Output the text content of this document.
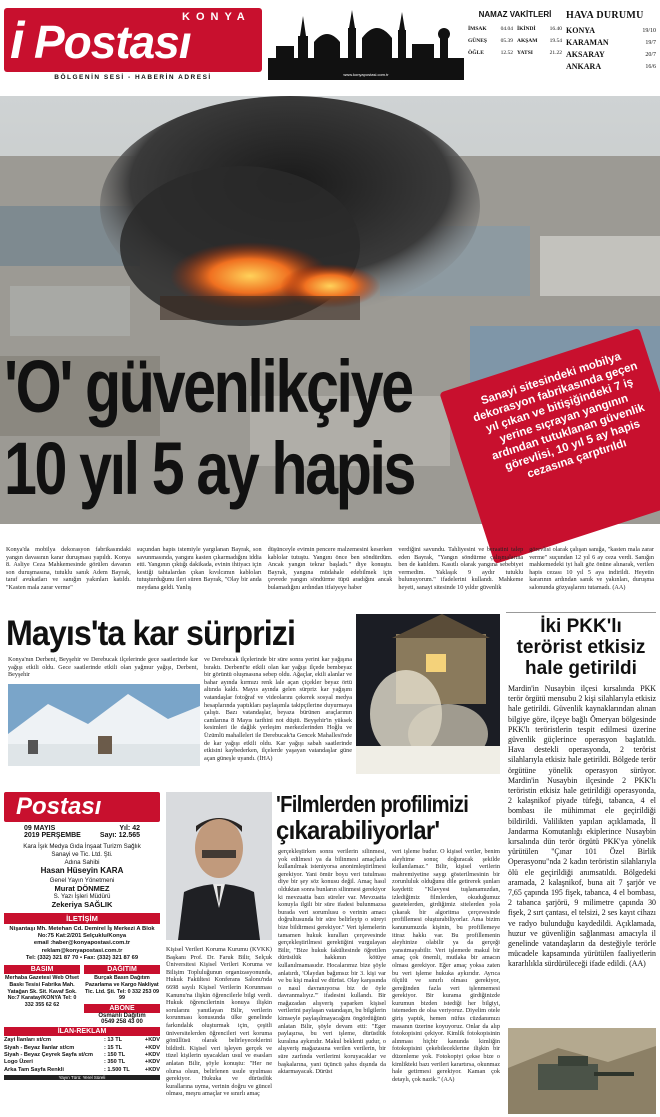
KONYA
i Postası
BÖLGENİN SESİ - HABERİN ADRESİ	www.konyapostasi.com.tr
NAMAZ VAKİTLERİ
İMSAK	04.04 İKİNDİ	16.40
GÜNEŞ 05.39 AKŞAM 19.54
ÖĞLE	12.52 YATSI	21.22
HAVA DURUMU
KONYA	19/10
KARAMAN	19/7
AKSARAY	20/7
ANKARA	16/6
'O' güvenlikçiye
10 yıl 5 ay hapis
Sanayi sitesindeki mobilya dekorasyon fabrikasında geçen yıl çıkan ve bitişiğindeki 7 iş yerine sıçrayan yangının ardından tutuklanan güvenlik görevlisi, 10 yıl 5 ay hapis cezasına çarptırıldı
Konya'da mobilya dekorasyon fabrikasındaki yangın davasının karar duruşması yapıldı. Konya 8. Asliye Ceza Mahkemesinde görülen davanın son duruşmasına, tutuklu sanık Adem Bayrak, taraf avukatları ve sanığın yakınları katıldı. "Kasten mala zarar verme"
suçundan hapis istemiyle yargılanan Bayrak, son savunmasında, yangını kasten çıkarmadığını iddia etti. Yangının çıktığı dakikada, evinin ihtiyacı için kestiği tahtalardan çıkan kıvılcımın kabloları tutuşturduğunu ileri süren Bayrak, "Olay bir anda meydana geldi. Yanlış
düşünceyle evimin pencere malzemesini keserken kablolar tutuştu. Yangını önce ben söndürdüm. Ancak yangın tekrar başladı." diye konuştu. Bayrak, yangına müdahale edebilmek için çevrede yangın söndürme tüpü aradığını ancak bulamadığını ardından itfaiyeye haber
verdiğini savundu. Tahliyesini ve beraatini talep eden Bayrak, "Yangın söndürme çalışmalarına ben de katıldım. Kasıtlı olarak yangına sebebiyet vermedim. Yaklaşık 9 aydır tutuklu bulunuyorum." ifadelerini kullandı. Mahkeme heyeti, sanayi sitesinde 10 yıldır güvenlik
görevlisi olarak çalışan sanığa, "kasten mala zarar verme" suçundan 12 yıl 6 ay ceza verdi. Sanığın mahkemedeki iyi hali göz önüne alınarak, verilen hapis cezası 10 yıl 5 aya indirildi. Heyetin kararının ardından sanık ve yakınları, duruşma salonunda gözyaşlarını tutamadı. (AA)
Mayıs'ta kar sürprizi
Konya'nın Derbent, Beyşehir ve Derebucak ilçelerinde gece saatlerinde kar yağışı etkili oldu. Gece saatlerinde etkili olan yağmur yağışı, Derbent, Beyşehir
ve Derebucak ilçelerinde bir süre sonra yerini kar yağışına bıraktı. Derbent'te etkili olan kar yağışı ilçede bembeyaz bir görüntü oluşmasına sebep oldu. Ağaçlar, ekili alanlar ve bahar ayında kırmızı renk lale açan çiçekler beyaz örtü altında kaldı. Mayıs ayında gelen sürpriz kar yağışını vatandaşlar fotoğraf ve videolarını çekerek sosyal medya hesaplarında yaptıkları paylaşımla takipçilerine duyurmaya çalıştı. Bazı vatandaşlar, beyaza bürünen araçlarının camlarına 8 Mayıs tarihini not düştü. Beyşehir'in yüksek kesimleri ile dağlık yerleşim merkezlerinden Hoğlu ve Üzümlü mahalleleri ile Derebucak'ta Gencek Mahallesi'nde de kar yağışı etkili oldu. Kar yağışı sabah saatlerinde etkisini kaybederken, ilçelerde yaşayan vatandaşlar güne açan güneşle uyandı. (İHA)
İki PKK'lı
terörist etkisiz
hale getirildi
Mardin'in Nusaybin ilçesi kırsalında PKK terör örgütü mensubu 2 kişi silahlarıyla etkisiz hale getirildi. Güvenlik kaynaklarından alınan bilgiye göre, ilçeye bağlı Ömeryan bölgesinde PKK'lı teröristlerin tespit edilmesi üzerine güvenlik güçlerince operasyon başlatıldı. Hava destekli operasyonda, 2 terörist silahlarıyla etkisiz hale getirildi. Bölgede terör örgütüne yönelik operasyon sürüyor. Mardin'in Nusaybin ilçesinde 2 PKK'lı teröristin etkisiz hale getirildiği operasyonda, 2 kalaşnikof piyade tüfeği, tabanca, 4 el bombası ile mühimmat ele geçirildiği bildirildi. Valilikten yapılan açıklamada, İl Jandarma Komutanlığı ekiplerince Nusaybin kırsalında dün terör örgütü PKK'ya yönelik yürütülen "Çınar 101 Özel Birlik Operasyonu"nda 2 kadın teröristin silahlarıyla ölü ele geçirildiği anımsatıldı. Bölgedeki aramada, 2 kalaşnikof, buna ait 7 şarjör ve 7,65 çapında 195 fişek, tabanca, 4 el bombası, 2 tabanca şarjörü, 9 milimetre çapında 30 fişek, 2 sırt çantası, el telsizi, 2 ses kayıt cihazı ve radyo bulunduğu kaydedildi. Açıklamada, huzur ve güvenliğin sağlanması amacıyla il genelinde vatandaşların da desteğiyle terörle mücadele kapsamında yürütülen faaliyetlerin kararlılıkla sürdürüleceği ifade edildi. (AA)
Postası
09 MAYIS	Yıl: 42
2019 PERŞEMBE	Sayı: 12.565
Kara İşık Medya Gıda İnşaat Turizm Sağlık Sanayi ve Tic. Ltd. Şti.
Adına Sahibi
Hasan Hüseyin KARA
Genel Yayın Yönetmeni
Murat DÖNMEZ
S. Yazı İşleri Müdürü
Zekeriya SAĞLIK
İLETİŞİM
Nişantaşı Mh. Metehan Cd. Demirel İş Merkezi A Blok No:75 Kat:2/201 Selçuklu/Konya
email :haber@konyapostasi.com.tr
reklam@konyapostasi.com.tr
Tel: (332) 321 87 70 • Fax: (332) 321 87 69
BASIM
Merhaba Gazetesi Web Ofset Baskı Tesisi Fabrika Mah. Yatağan Sk. Sit. Kavaf Sok. No:7 Karatay/KONYA Tel: 0 332 355 62 62
DAĞITIM
Burçak Basın Dağıtım Pazarlama ve Kargo Nakliyat Tic. Ltd. Şti. Tel: 0 332 253 09 99
ABONE
Osmanlı Dağıtım
0549 258 43 00
İLAN-REKLAM
Zayi İlanları st/cm	: 13 TL	+KDV
Siyah - Beyaz İlanlar st/cm	: 15 TL	+KDV
Siyah - Beyaz Çeyrek Sayfa st/cm	: 150 TL	+KDV
Logo Üzeri	: 350 TL	+KDV
Arka Tam Sayfa Renkli	: 1.500 TL	+KDV
Yayın Türü: Yerel Süreli
'Filmlerden profilimizi
çıkarabiliyorlar'
Kişisel Verileri Koruma Kurumu (KVKK) Başkanı Prof. Dr. Faruk Bilir, Selçuk Üniversitesi Kişisel Verileri Koruma ve Bilişim Topluluğunun organizasyonunda, Hukuk Fakültesi Konferans Salonu'nda 6698 sayılı Kişisel Verilerin Korunması Kanunu'na ilişkin öğrencilerle bilgi verdi. Hukuk öğrencilerinin konuya ilişkin sorularını yanıtlayan Bilir, verilerin korunması konusunda ülke genelinde farkındalık oluşturmak için, çeşitli üniversitelerden öğrencileri veri koruma gönüllüsü olarak belirleyeceklerini bildirdi. Kişisel veri işleyen gerçek ve tüzel kişilerin uyacakları usul ve esasları anlatan Bilir, şöyle konuştu: "Her ne olursa olsun, belirlenen usule uyulması gerekiyor. Hukuka ve dürüstlük kurallarına uyma, verinin doğru ve güncel olması, meşru amaçlar ve sınırlı amaç
gerçekleştirken sonra verilerin silinmesi, yok edilmesi ya da bilinmesi amaçlarla kullanılmak isteniyorsa anonimleştirilmesi gerekiyor. Yani ömür boyu veri tutulması diye bir şey söz konusu değil. Amaç hasıl olduktan sonra bunların silinmesi gerekiyor ki mevzuatta bazı süreler var. Mevzuatta konuyla ilgili bir süre ifadesi bulunmazsa burada veri sorumlusu o verinin amacı doğrultusunda bir süre belirleyip o süreyi bize bildirmesi gerekiyor." Veri işlemelerin tamamen hukuk kuralları çerçevesinde gerçekleştirilmesi gerektiğini vurgulayan Bilir, "Bize hukuk fakültesinde öğretilen dürüstlük hakkının kötüye kullanılmamasıdır. Hocalarımız bize şöyle anlatırdı, 'Olaydan bağımsız bir 3. kişi var ve bu kişi makul ve dürüst. Olay karşısında o nasıl davranıyorsa biz de öyle davranmalıyız.'" ifadesini kullandı. Bir mağazadan alışveriş yaparken kişisel verilerini paylaşan vatandaşın, bu bilgilerin kimseyle paylaşılmayacağını öngördüğünü anlatan Bilir, şöyle devam etti: "Eger paylaşırsa, bu veri işleme, dürüstlük kuralına aykırıdır. Makul beklenti şudur, o alışveriş mağazasına verilen verilerin, bir süre zarfında verilerimi koruyacaklar ve başkalarına, yani üçüncü şahıs dışında da aktarmayacak. Dürüst
veri işleme budur. O kişisel veriler, benim aleyhime sonuç doğuracak şekilde kullanılamaz." Bilir, kişisel verilerin mahremiyetine saygı gösterilmesinin bir zorunluluk olduğunu dile getirerek şunları kaydetti: "Klavyesi tuşlamamızdan, izlediğimiz filmlerden, okuduğumuz gazetelerden, girdiğimiz sitelerden yola çıkarak bir algoritma çerçevesinde profillemesi oluşturabiliyorlar. Ama bizim kanunumuzda kişinin, bu profillemeye itiraz hakkı var. Bu profillemenin aleyhinize olabilir ya da gerçeği yansıtmayabilir. Veri işlemede makul bir amaç çok önemli, mutlaka bir amacın olması gerekiyor. Eğer amaç yoksa zaten bu veri işleme hukuka aykırıdır. Ayrıca ölçülü ve sınırlı olması gerekiyor, gereğinden fazla veri işlenmemesi gerekiyor. Bir kurama girdiğinizde kurumun bizden istediği her bilgiyi, istemeden de olsa veriyoruz. Diyelim otele giriş yaptık, hemen nüfus cüzdanımızı masanın üzerine koyuyoruz. Onlar da alıp fotokopisini çekiyor. Kimlik fotokopisinin alınması hiçbir kanunda kimliğin fotokopisini çekebileceklerine ilişkin bir düzenleme yok. Fotokopiyi çekse bize o kimlikteki bazı verileri karartırsa, okunmaz hale getirmesi gerekiyor. Kaman çok detaylı, çok nazik." (AA)
